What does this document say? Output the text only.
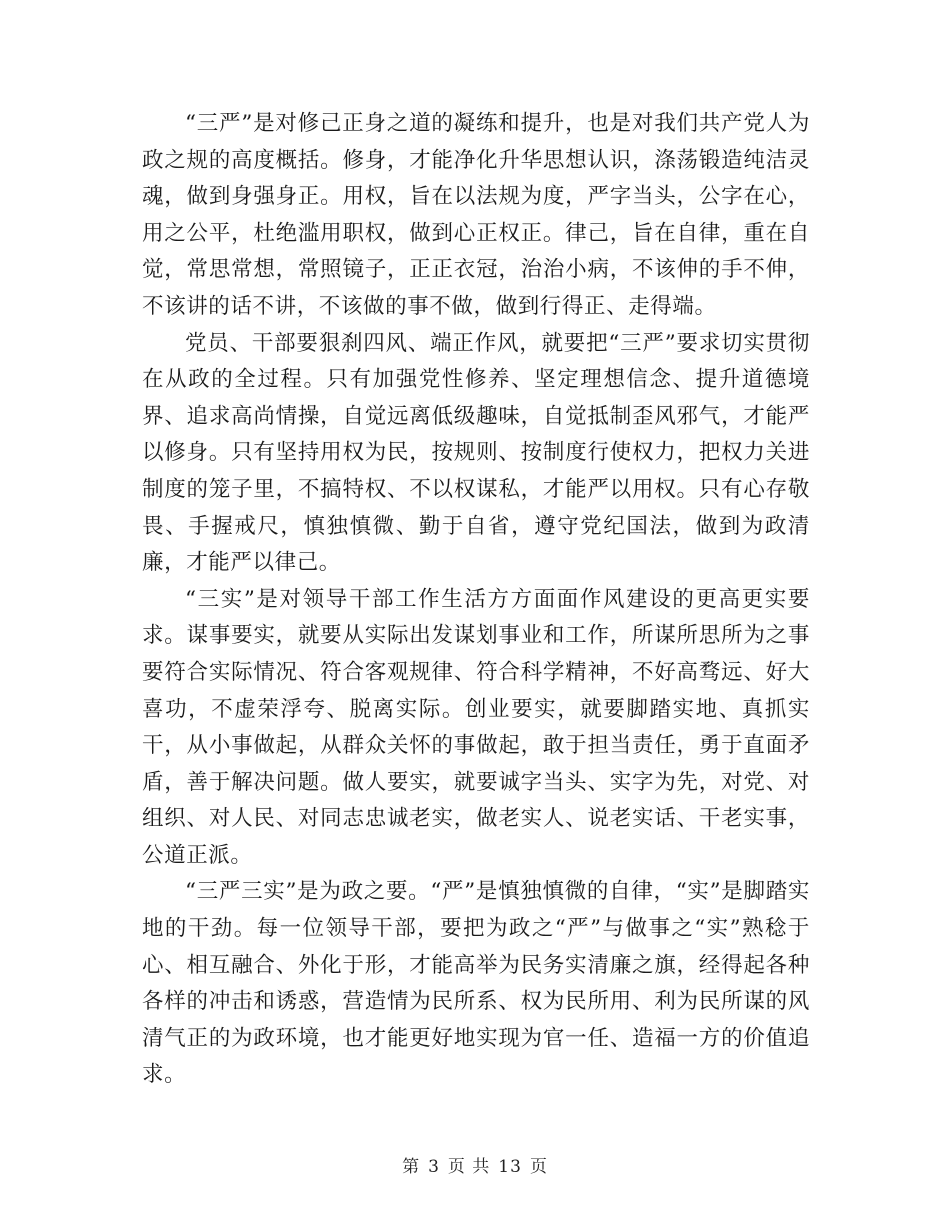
“三严”是对修己正身之道的凝练和提升，也是对我们共产党人为政之规的高度概括。修身，才能净化升华思想认识，涤荡锻造纯洁灵魂，做到身强身正。用权，旨在以法规为度，严字当头，公字在心，用之公平，杜绝滥用职权，做到心正权正。律己，旨在自律，重在自觉，常思常想，常照镜子，正正衣冠，治治小病，不该伸的手不伸，不该讲的话不讲，不该做的事不做，做到行得正、走得端。

党员、干部要狠刹四风、端正作风，就要把“三严”要求切实贯彻在从政的全过程。只有加强党性修养、坚定理想信念、提升道德境界、追求高尚情操，自觉远离低级趣味，自觉抵制歪风邪气，才能严以修身。只有坚持用权为民，按规则、按制度行使权力，把权力关进制度的笼子里，不搞特权、不以权谋私，才能严以用权。只有心存敬畏、手握戒尺，慎独慎微、勤于自省，遵守党纪国法，做到为政清廉，才能严以律己。

“三实”是对领导干部工作生活方方面面作风建设的更高更实要求。谋事要实，就要从实际出发谋划事业和工作，所谋所思所为之事要符合实际情况、符合客观规律、符合科学精神，不好高骛远、好大喜功，不虚荣浮夸、脱离实际。创业要实，就要脚踏实地、真抓实干，从小事做起，从群众关怀的事做起，敢于担当责任，勇于直面矛盾，善于解决问题。做人要实，就要诚字当头、实字为先，对党、对组织、对人民、对同志忠诚老实，做老实人、说老实话、干老实事，公道正派。

“三严三实”是为政之要。“严”是慎独慎微的自律，“实”是脚踏实地的干劲。每一位领导干部，要把为政之“严”与做事之“实”熟稔于心、相互融合、外化于形，才能高举为民务实清廉之旗，经得起各种各样的冲击和诱惑，营造情为民所系、权为民所用、利为民所谋的风清气正的为政环境，也才能更好地实现为官一任、造福一方的价值追求。

第 3 页 共 13 页
